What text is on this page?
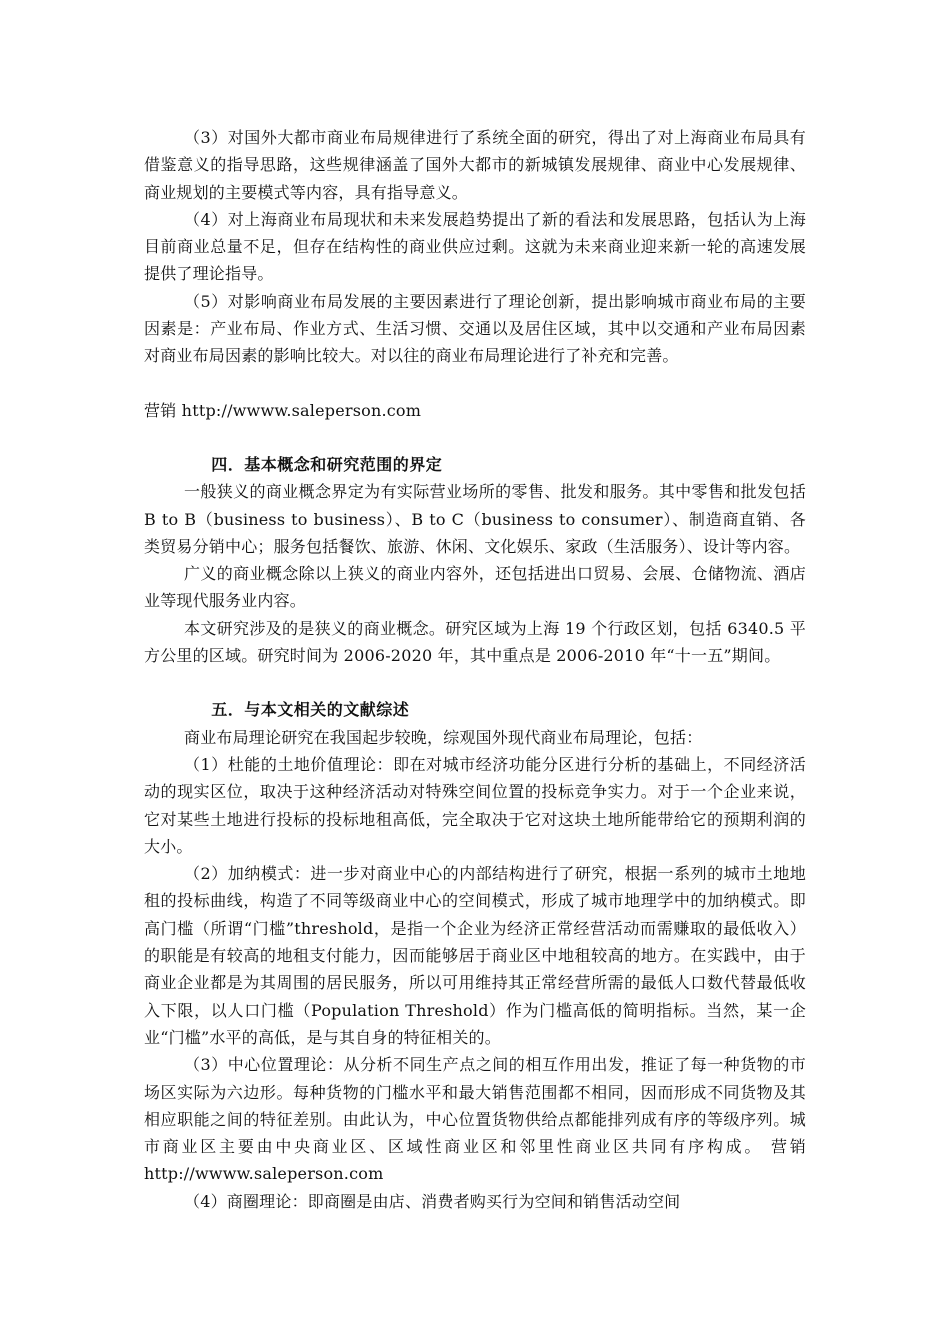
（3）对国外大都市商业布局规律进行了系统全面的研究，得出了对上海商业布局具有借鉴意义的指导思路，这些规律涵盖了国外大都市的新城镇发展规律、商业中心发展规律、商业规划的主要模式等内容，具有指导意义。

（4）对上海商业布局现状和未来发展趋势提出了新的看法和发展思路，包括认为上海目前商业总量不足，但存在结构性的商业供应过剩。这就为未来商业迎来新一轮的高速发展提供了理论指导。

（5）对影响商业布局发展的主要因素进行了理论创新，提出影响城市商业布局的主要因素是：产业布局、作业方式、生活习惯、交通以及居住区域，其中以交通和产业布局因素对商业布局因素的影响比较大。对以往的商业布局理论进行了补充和完善。

营销 http://wwww.saleperson.com

四．基本概念和研究范围的界定

一般狭义的商业概念界定为有实际营业场所的零售、批发和服务。其中零售和批发包括 B to B（business to business）、B to C（business to consumer）、制造商直销、各类贸易分销中心；服务包括餐饮、旅游、休闲、文化娱乐、家政（生活服务）、设计等内容。

广义的商业概念除以上狭义的商业内容外，还包括进出口贸易、会展、仓储物流、酒店业等现代服务业内容。

本文研究涉及的是狭义的商业概念。研究区域为上海 19 个行政区划，包括 6340.5 平方公里的区域。研究时间为 2006-2020 年，其中重点是 2006-2010 年“十一五”期间。

五．与本文相关的文献综述

商业布局理论研究在我国起步较晚，综观国外现代商业布局理论，包括：

（1）杜能的土地价值理论：即在对城市经济功能分区进行分析的基础上，不同经济活动的现实区位，取决于这种经济活动对特殊空间位置的投标竞争实力。对于一个企业来说，它对某些土地进行投标的投标地租高低，完全取决于它对这块土地所能带给它的预期利润的大小。

（2）加纳模式：进一步对商业中心的内部结构进行了研究，根据一系列的城市土地地租的投标曲线，构造了不同等级商业中心的空间模式，形成了城市地理学中的加纳模式。即高门槛（所谓“门槛”threshold，是指一个企业为经济正常经营活动而需赚取的最低收入）的职能是有较高的地租支付能力，因而能够居于商业区中地租较高的地方。在实践中，由于商业企业都是为其周围的居民服务，所以可用维持其正常经营所需的最低人口数代替最低收入下限，以人口门槛（Population Threshold）作为门槛高低的简明指标。当然，某一企业“门槛”水平的高低，是与其自身的特征相关的。

（3）中心位置理论：从分析不同生产点之间的相互作用出发，推证了每一种货物的市场区实际为六边形。每种货物的门槛水平和最大销售范围都不相同，因而形成不同货物及其相应职能之间的特征差别。由此认为，中心位置货物供给点都能排列成有序的等级序列。城市商业区主要由中央商业区、区域性商业区和邻里性商业区共同有序构成。 营销 http://wwww.saleperson.com

（4）商圈理论：即商圈是由店、消费者购买行为空间和销售活动空间
